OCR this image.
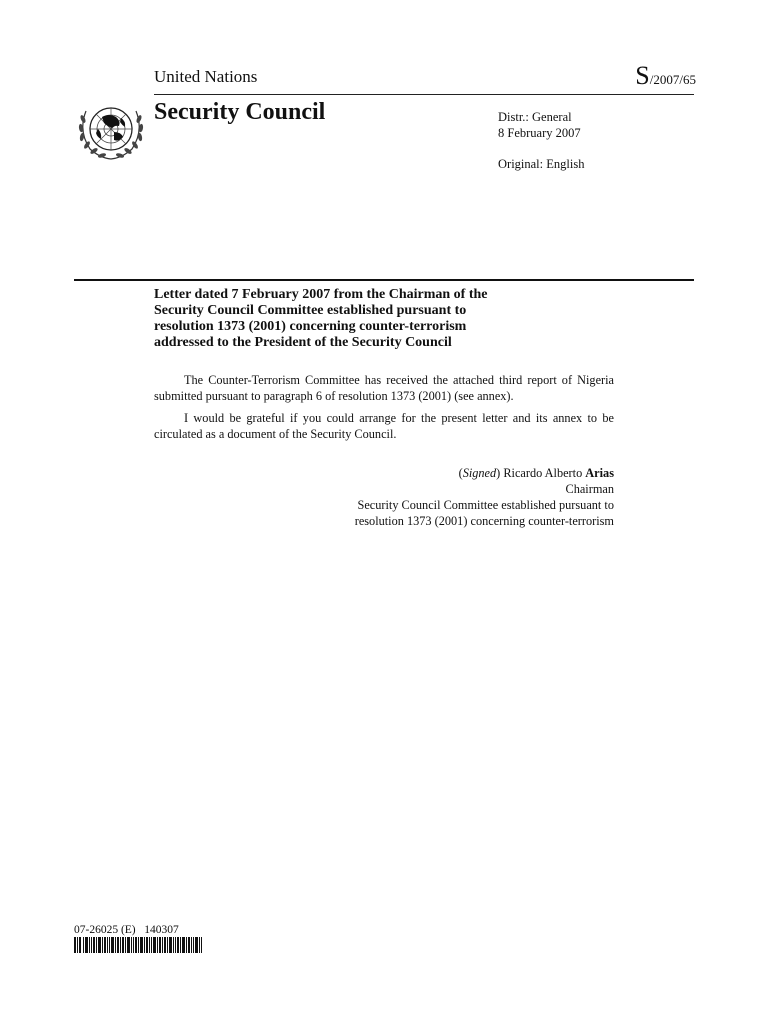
United Nations	S/2007/65
Security Council	Distr.: General
8 February 2007
Original: English
Letter dated 7 February 2007 from the Chairman of the
Security Council Committee established pursuant to
resolution 1373 (2001) concerning counter-terrorism
addressed to the President of the Security Council
The Counter-Terrorism Committee has received the attached third report of Nigeria submitted pursuant to paragraph 6 of resolution 1373 (2001) (see annex).
I would be grateful if you could arrange for the present letter and its annex to be circulated as a document of the Security Council.
(Signed) Ricardo Alberto Arias
Chairman
Security Council Committee established pursuant to
resolution 1373 (2001) concerning counter-terrorism
07-26025 (E) 140307
